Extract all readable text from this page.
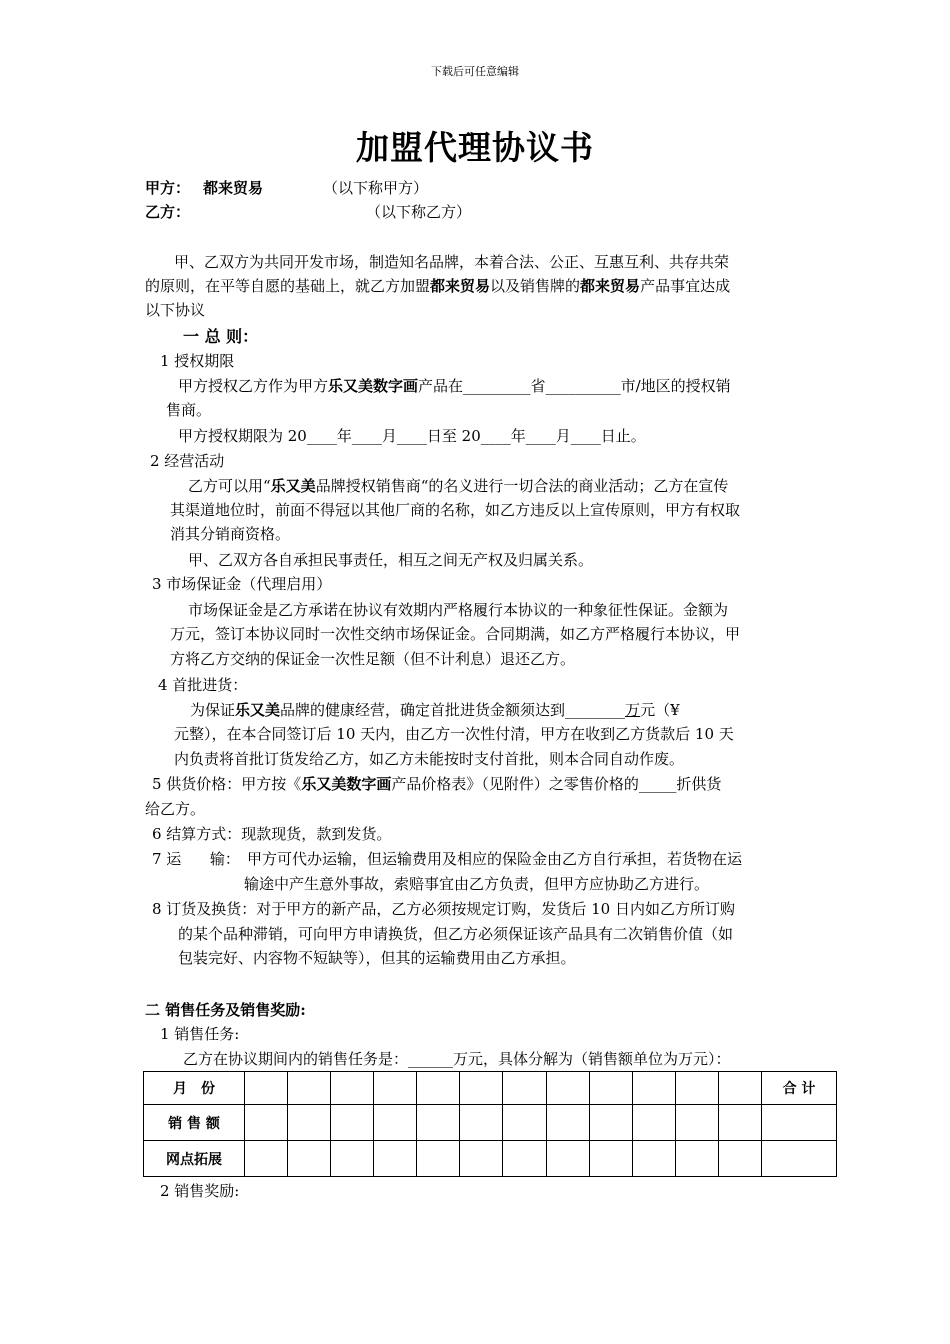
下载后可任意编辑
加盟代理协议书
甲方： 都来贸易	（以下称甲方）
乙方：	（以下称乙方）
甲、乙双方为共同开发市场，制造知名品牌，本着合法、公正、互惠互利、共存共荣
的原则，在平等自愿的基础上，就乙方加盟都来贸易以及销售牌的都来贸易产品事宜达成
以下协议
一 总 则：
1 授权期限
甲方授权乙方作为甲方乐又美数字画产品在_________省__________市/地区的授权销
售商。
甲方授权期限为 20____年____月____日至 20____年____月____日止。
2 经营活动
乙方可以用“乐又美品牌授权销售商“的名义进行一切合法的商业活动；乙方在宣传
其渠道地位时，前面不得冠以其他厂商的名称，如乙方违反以上宣传原则，甲方有权取
消其分销商资格。
甲、乙双方各自承担民事责任，相互之间无产权及归属关系。
3 市场保证金（代理启用）
市场保证金是乙方承诺在协议有效期内严格履行本协议的一种象征性保证。金额为
万元，签订本协议同时一次性交纳市场保证金。合同期满，如乙方严格履行本协议，甲
方将乙方交纳的保证金一次性足额（但不计利息）退还乙方。
4 首批进货：
为保证乐又美品牌的健康经营，确定首批进货金额须达到________万元（¥
元整），在本合同签订后 10 天内，由乙方一次性付清，甲方在收到乙方货款后 10 天
内负责将首批订货发给乙方，如乙方未能按时支付首批，则本合同自动作废。
5 供货价格：甲方按《乐又美数字画产品价格表》（见附件）之零售价格的_____折供货
给乙方。
6 结算方式：现款现货，款到发货。
7 运      输： 甲方可代办运输，但运输费用及相应的保险金由乙方自行承担，若货物在运
输途中产生意外事故，索赔事宜由乙方负责，但甲方应协助乙方进行。
8 订货及换货：对于甲方的新产品，乙方必须按规定订购，发货后 10 日内如乙方所订购
的某个品种滞销，可向甲方申请换货，但乙方必须保证该产品具有二次销售价值（如
包装完好、内容物不短缺等），但其的运输费用由乙方承担。
二 销售任务及销售奖励:
1 销售任务:
乙方在协议期间内的销售任务是：______万元，具体分解为（销售额单位为万元）：
月　份													合 计
销 售 额													
网点拓展													
2 销售奖励:
